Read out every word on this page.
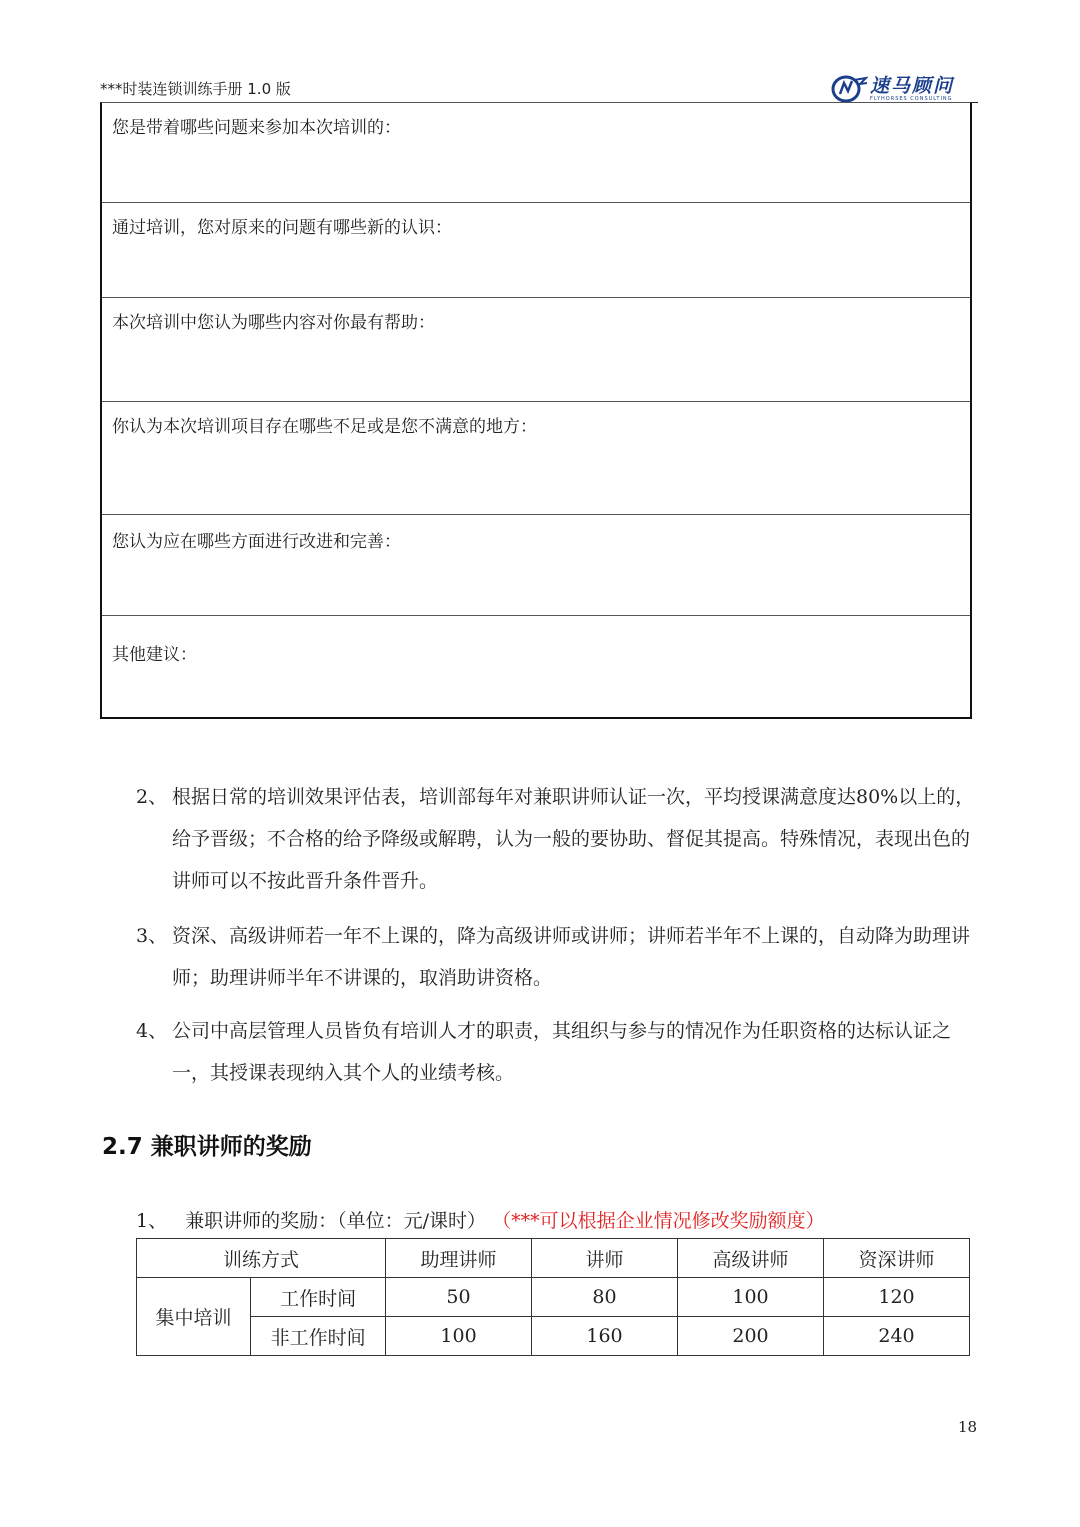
***时装连锁训练手册 1.0 版	速马顾问
FLYHORSES CONSULTING
您是带着哪些问题来参加本次培训的：
通过培训，您对原来的问题有哪些新的认识：
本次培训中您认为哪些内容对你最有帮助：
你认为本次培训项目存在哪些不足或是您不满意的地方：
您认为应在哪些方面进行改进和完善：
其他建议：
2、 根据日常的培训效果评估表，培训部每年对兼职讲师认证一次，平均授课满意度达80%以上的，给予晋级；不合格的给予降级或解聘，认为一般的要协助、督促其提高。特殊情况，表现出色的讲师可以不按此晋升条件晋升。
3、 资深、高级讲师若一年不上课的，降为高级讲师或讲师；讲师若半年不上课的，自动降为助理讲师；助理讲师半年不讲课的，取消助讲资格。
4、 公司中高层管理人员皆负有培训人才的职责，其组织与参与的情况作为任职资格的达标认证之一，其授课表现纳入其个人的业绩考核。
2.7 兼职讲师的奖励
1、 兼职讲师的奖励：（单位：元/课时） （***可以根据企业情况修改奖励额度）
训练方式		助理讲师	讲师	高级讲师	资深讲师
集中培训	工作时间	50	80	100	120
	非工作时间	100	160	200	240
18
